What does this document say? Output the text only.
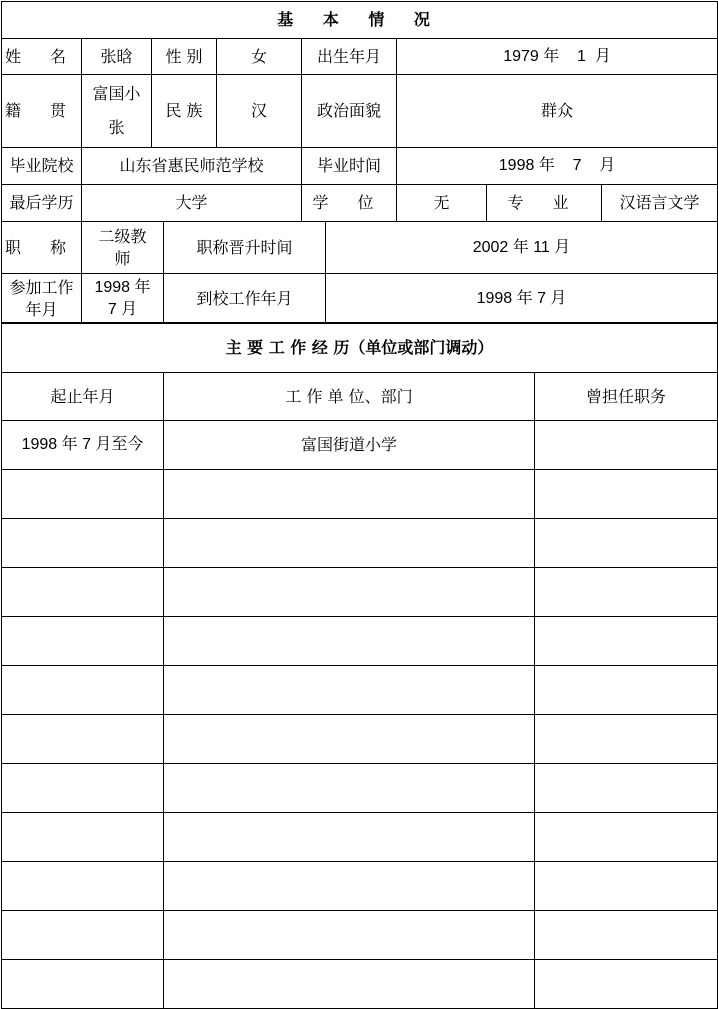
基 本 情 况							
姓 名	张晗	性 别	女	出生年月	1979 年    1  月		
籍 贯	富国小张	民 族	汉	政治面貌	群众		
毕业院校	山东省惠民师范学校			毕业时间	1998 年    7    月		
最后学历	大学			学 位	无	专 业	汉语言文学
职 称	二级教师	职称晋升时间	2002 年 11 月
参加工作年月	1998 年 7 月	到校工作年月	1998 年 7 月
主 要 工 作 经 历（单位或部门调动）		
起止年月	工 作 单 位、部门	曾担任职务
1998 年 7 月至今	富国街道小学	
